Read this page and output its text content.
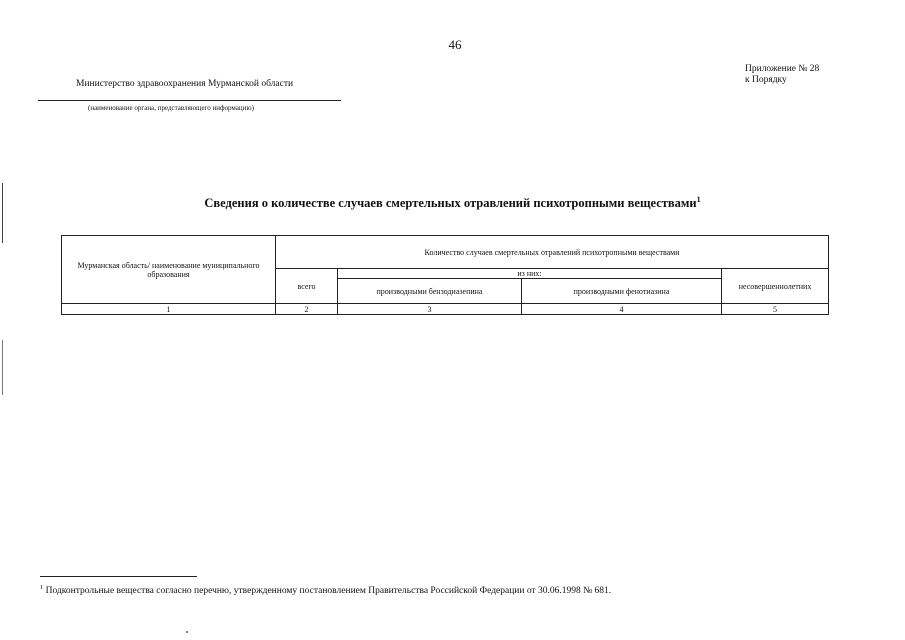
46
Приложение № 28
к Порядку
Министерство здравоохранения Мурманской области
(наименование органа, представляющего информацию)
Сведения о количестве случаев смертельных отравлений психотропными веществами$^1$
Мурманская область/ наименование муниципального образования	Количество случаев смертельных отравлений психотропными веществами			
	всего	из них:		несовершеннолетних
		производными бензодиазепина	производными фенотиазина	
1	2	3	4	5
$^1$ Подконтрольные вещества согласно перечню, утвержденному постановлением Правительства Российской Федерации от 30.06.1998 № 681.
